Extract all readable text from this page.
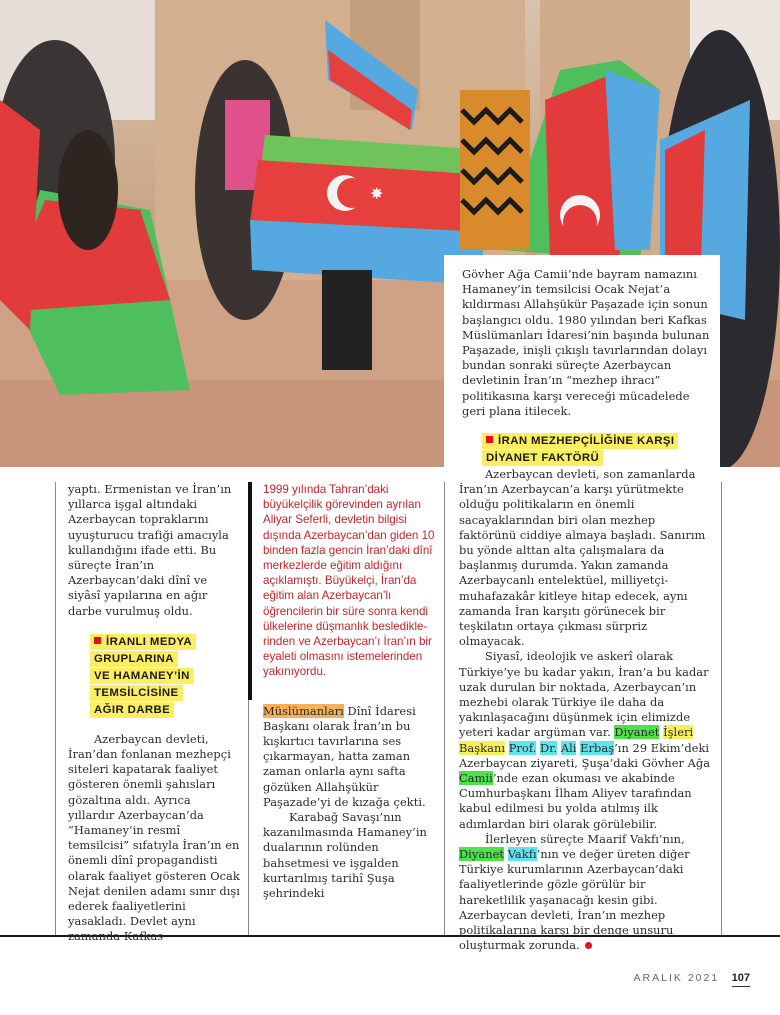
✸

Gövher Ağa Camii’nde bayram namazını Hamaney’in temsilcisi Ocak Nejat’a kıldırması Allahşükür Paşazade için sonun başlangıcı oldu. 1980 yılından beri Kafkas Müslümanları İdaresi’nin başında bulunan Paşazade, inişli çıkışlı tavırlarından dolayı bundan sonraki süreçte Azerbaycan devletinin İran’ın “mezhep ihracı” politikasına karşı vereceği mücadelede geri plana itilecek.

İRAN MEZHEPÇİLİĞİNE KARŞI
DİYANET FAKTÖRÜ

yaptı. Ermenistan ve İran’ın yıllarca işgal altındaki Azerbaycan topraklarını uyuşturucu trafiği amacıyla kullandığını ifade etti. Bu süreçte İran’ın Azerbaycan’daki dînî ve siyâsî yapılarına en ağır darbe vurulmuş oldu.

İRANLI MEDYA
GRUPLARINA
VE HAMANEY’İN
TEMSİLCİSİNE
AĞIR DARBE

Azerbaycan devleti, İran’dan fonlanan mezhepçi siteleri kapatarak faaliyet gösteren önemli şahısları gözaltına aldı. Ayrıca yıllardır Azerbaycan’da “Hamaney’in resmî temsilcisi” sıfatıyla İran’ın en önemli dînî propagandisti olarak faaliyet gösteren Ocak Nejat denilen adamı sınır dışı ederek faaliyetlerini yasakladı. Devlet aynı zamanda Kafkas

1999 yılında Tahran’daki büyükelçilik görevinden ayrılan Aliyar Seferli, devletin bilgisi dışında Azerbaycan’dan giden 10 binden fazla gencin İran’daki dînî merkezlerde eğitim aldığını açıklamıştı. Büyükelçi, İran’da eğitim alan Azerbaycan’lı öğrencilerin bir süre sonra kendi ülkelerine düşmanlık beslediklerinden ve Azerbaycan’ı İran’ın bir eyaleti olmasını istemelerinden yakınıyordu.

Müslümanları Dînî İdaresi Başkanı olarak İran’ın bu kışkırtıcı tavırlarına ses çıkarmayan, hatta zaman zaman onlarla aynı safta gözüken Allahşükür Paşazade’yi de kızağa çekti.

Karabağ Savaşı’nın kazanılmasında Hamaney’in dualarının rolünden bahsetmesi ve işgalden kurtarılmış tarihî Şuşa şehrindeki

Azerbaycan devleti, son zamanlarda İran’ın Azerbaycan’a karşı yürütmekte olduğu politikaların en önemli sacayaklarından biri olan mezhep faktörünü ciddiye almaya başladı. Sanırım bu yönde alttan alta çalışmalara da başlanmış durumda. Yakın zamanda Azerbaycanlı entelektüel, milliyetçi-muhafazakâr kitleye hitap edecek, aynı zamanda İran karşıtı görünecek bir teşkilatın ortaya çıkması sürpriz olmayacak.

Siyasî, ideolojik ve askerî olarak Türkiye’ye bu kadar yakın, İran’a bu kadar uzak durulan bir noktada, Azerbaycan’ın mezhebi olarak Türkiye ile daha da yakınlaşacağını düşünmek için elimizde yeteri kadar argüman var. Diyanet İşleri Başkanı Prof. Dr. Ali Erbaş’ın 29 Ekim’deki Azerbaycan ziyareti, Şuşa’daki Gövher Ağa Camii’nde ezan okuması ve akabinde Cumhurbaşkanı İlham Aliyev tarafından kabul edilmesi bu yolda atılmış ilk adımlardan biri olarak görülebilir.

İlerleyen süreçte Maarif Vakfı’nın, Diyanet Vakfı’nın ve değer üreten diğer Türkiye kurumlarının Azerbaycan’daki faaliyetlerinde gözle görülür bir hareketlilik yaşanacağı kesin gibi. Azerbaycan devleti, İran’ın mezhep politikalarına karşı bir denge unsuru oluşturmak zorunda.

ARALIK 2021 107
